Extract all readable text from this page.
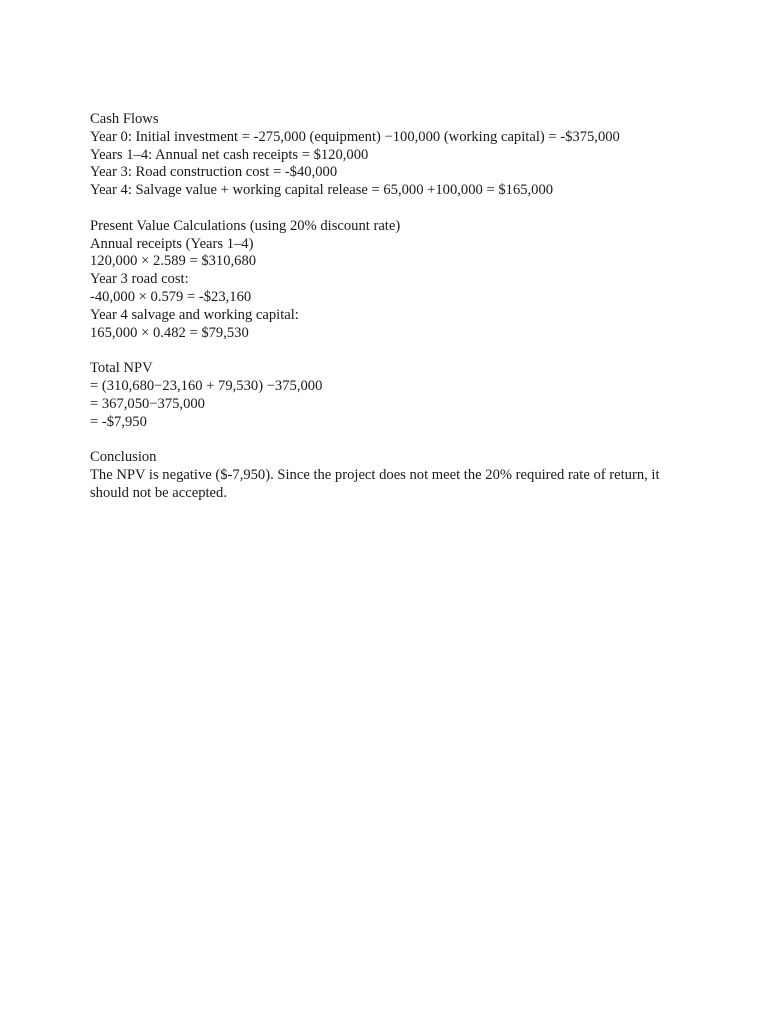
Cash Flows
Year 0: Initial investment = -275,000 (equipment) −100,000 (working capital) = -$375,000
Years 1–4: Annual net cash receipts = $120,000
Year 3: Road construction cost = -$40,000
Year 4: Salvage value + working capital release = 65,000 +100,000 = $165,000
Present Value Calculations (using 20% discount rate)
Annual receipts (Years 1–4)
120,000 × 2.589 = $310,680
Year 3 road cost:
-40,000 × 0.579 = -$23,160
Year 4 salvage and working capital:
165,000 × 0.482 = $79,530
Total NPV
= (310,680−23,160 + 79,530) −375,000
= 367,050−375,000
= -$7,950
Conclusion
The NPV is negative ($-7,950). Since the project does not meet the 20% required rate of return, it should not be accepted.
